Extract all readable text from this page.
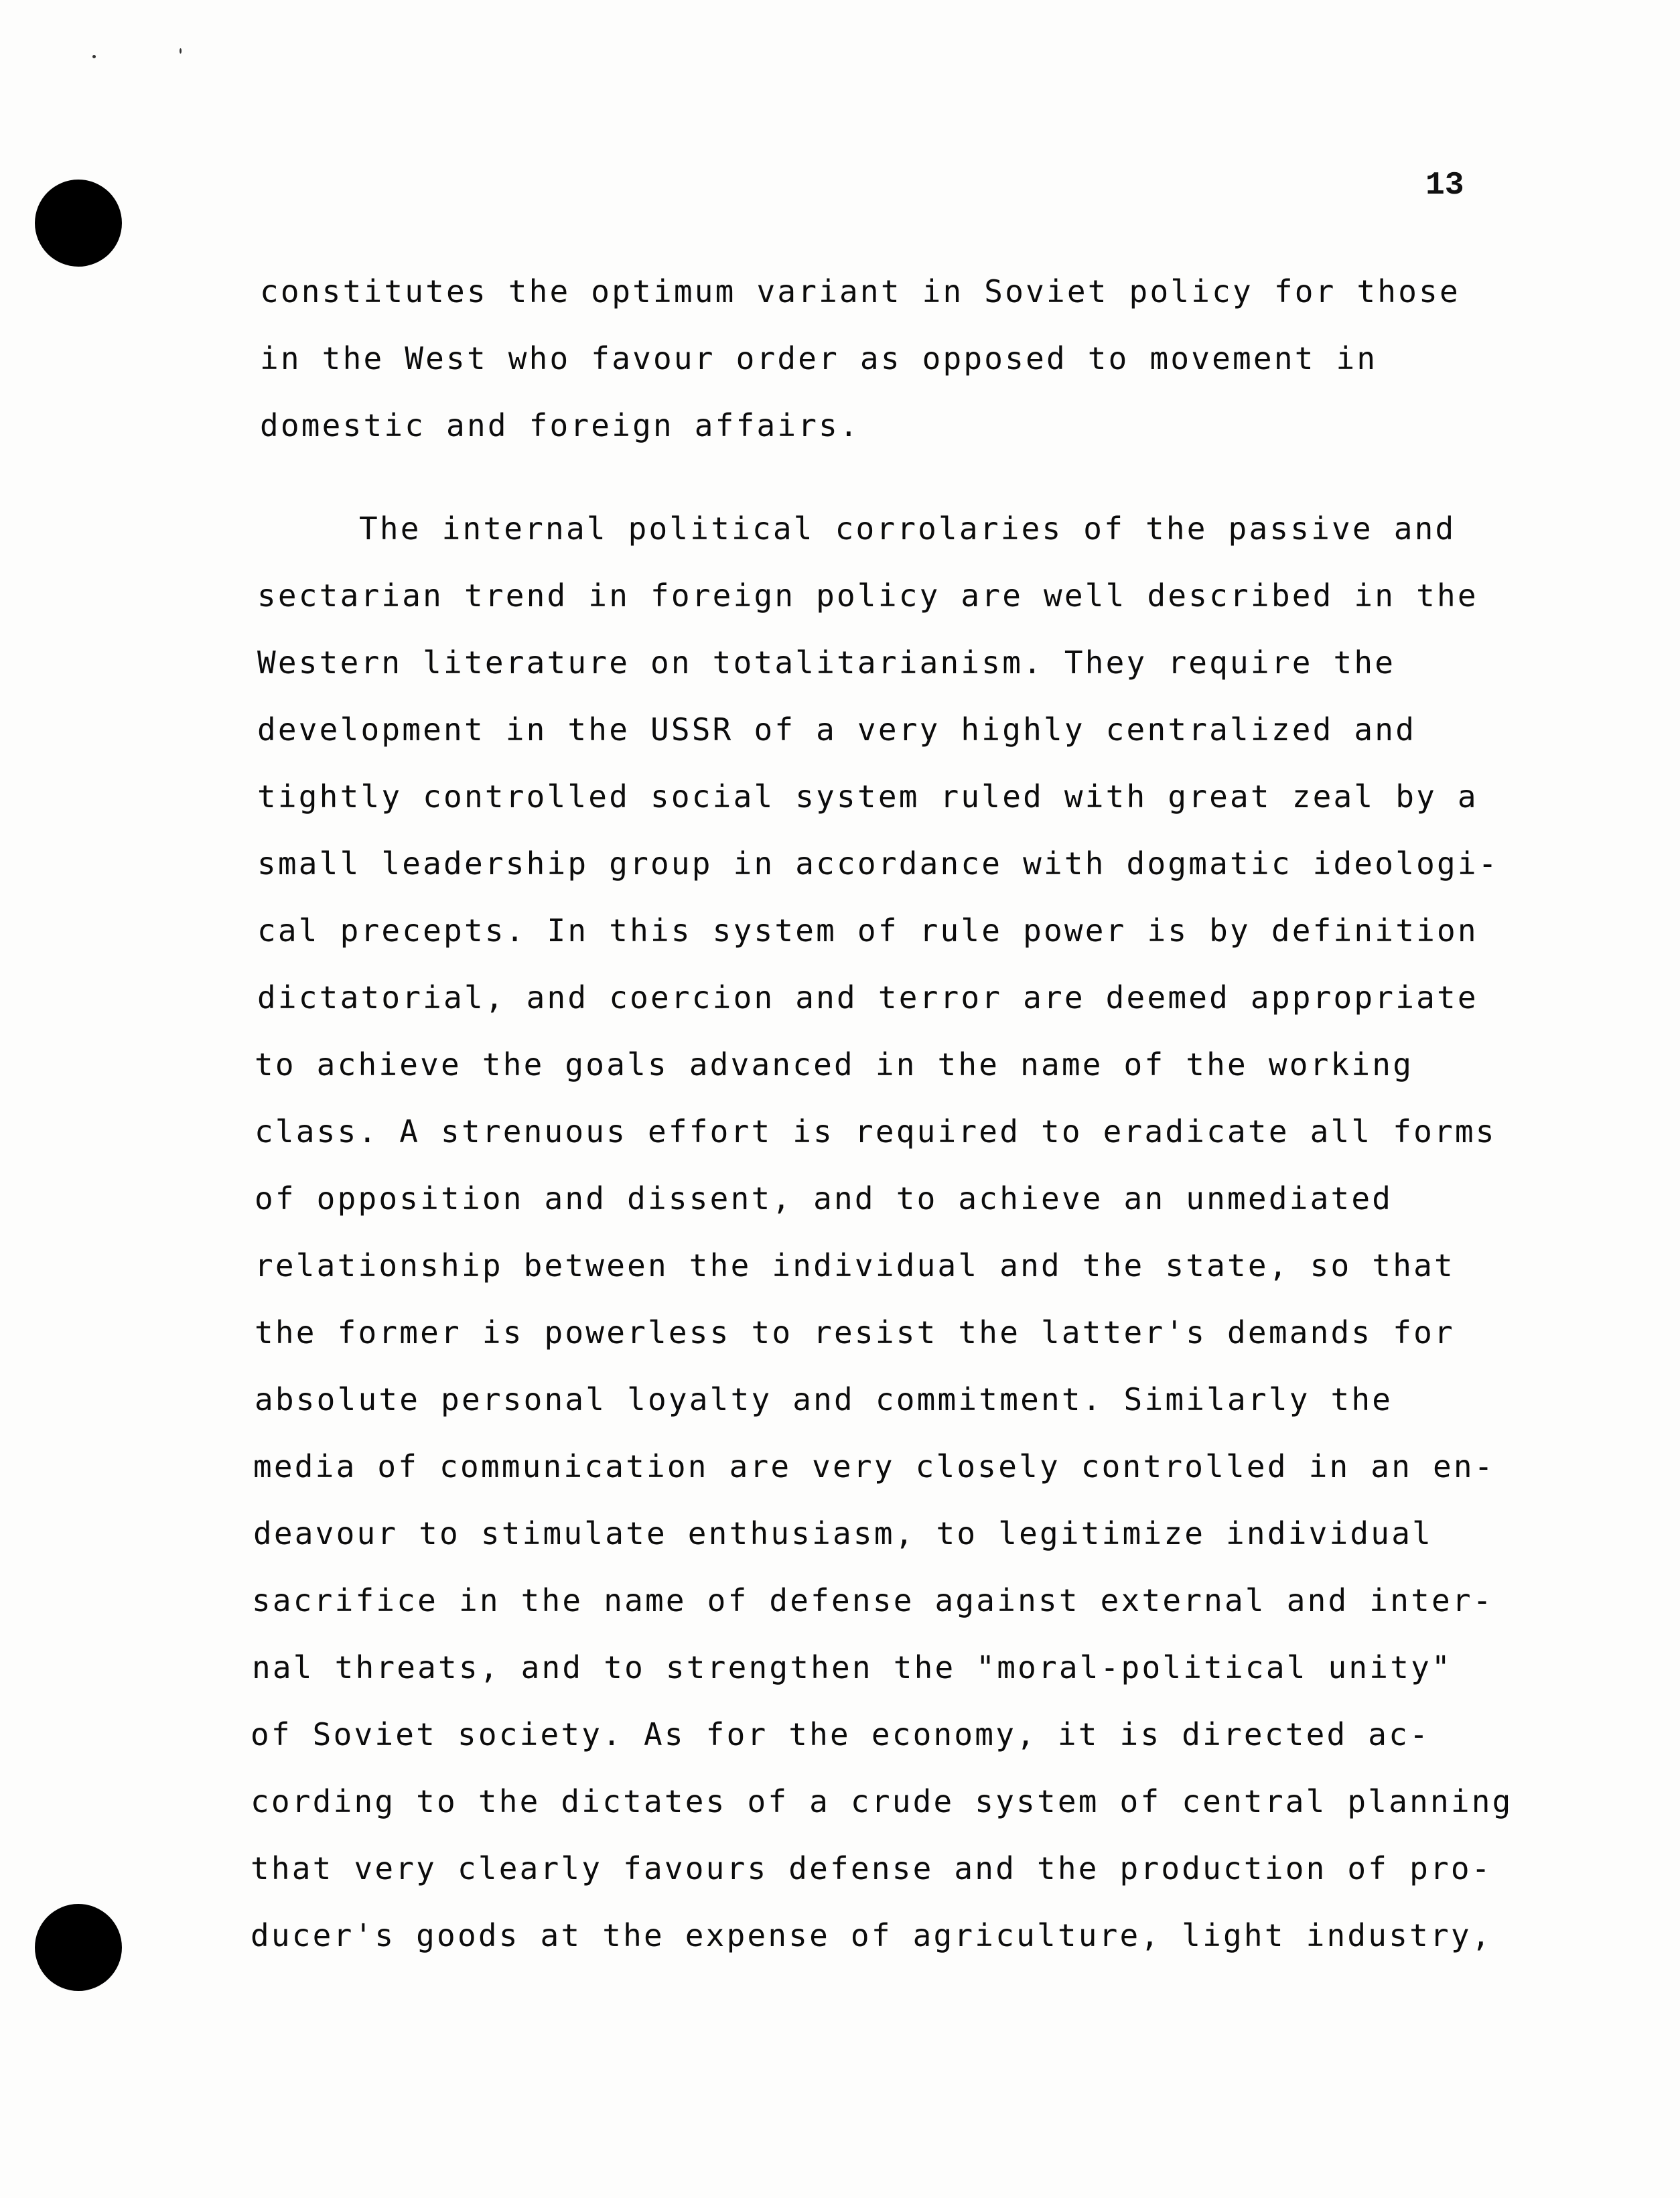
13
constitutes the optimum variant in Soviet policy for those
in the West who favour order as opposed to movement in
domestic and foreign affairs.
The internal political corrolaries of the passive and
sectarian trend in foreign policy are well described in the
Western literature on totalitarianism. They require the
development in the USSR of a very highly centralized and
tightly controlled social system ruled with great zeal by a
small leadership group in accordance with dogmatic ideologi-
cal precepts. In this system of rule power is by definition
dictatorial, and coercion and terror are deemed appropriate
to achieve the goals advanced in the name of the working
class. A strenuous effort is required to eradicate all forms
of opposition and dissent, and to achieve an unmediated
relationship between the individual and the state, so that
the former is powerless to resist the latter's demands for
absolute personal loyalty and commitment. Similarly the
media of communication are very closely controlled in an en-
deavour to stimulate enthusiasm, to legitimize individual
sacrifice in the name of defense against external and inter-
nal threats, and to strengthen the "moral-political unity"
of Soviet society. As for the economy, it is directed ac-
cording to the dictates of a crude system of central planning
that very clearly favours defense and the production of pro-
ducer's goods at the expense of agriculture, light industry,
